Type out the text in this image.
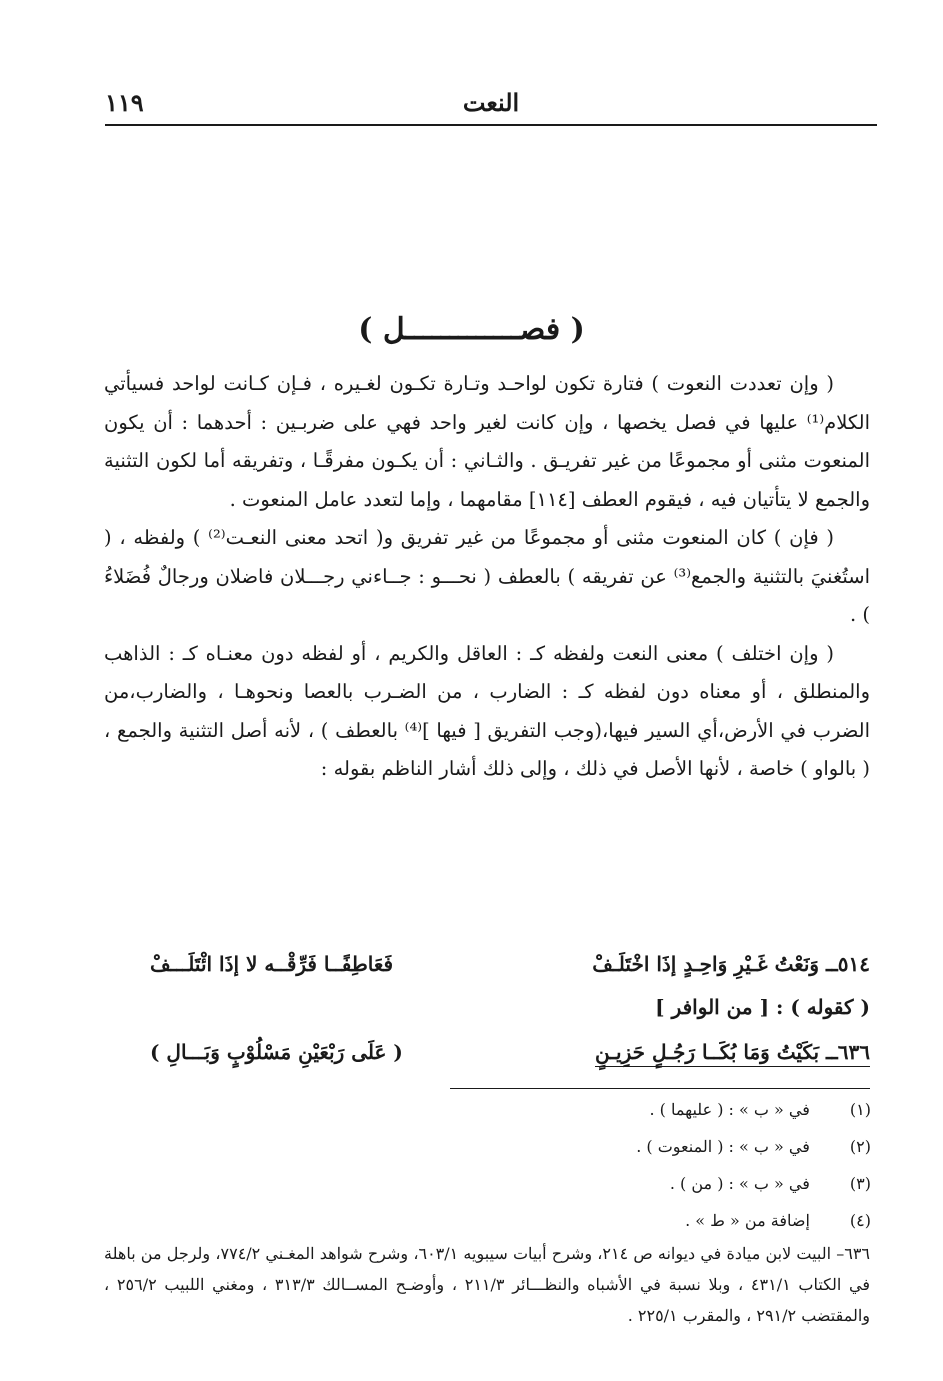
١١٩	النعت
( فصـــــــــــــل )

( وإن تعددت النعوت ) فتارة تكون لواحـد وتـارة تكـون لغـيره ، فـإن كـانت لواحد فسيأتي الكلام⁽¹⁾ عليها في فصل يخصها ، وإن كانت لغير واحد فهي على ضربـين : أحدهما : أن يكون المنعوت مثنى أو مجموعًا من غير تفريـق . والثـاني : أن يكـون مفرقًـا ، وتفريقه أما لكون التثنية والجمع لا يتأتيان فيه ، فيقوم العطف [١١٤] مقامهما ، وإما لتعدد عامل المنعوت .

( فإن ) كان المنعوت مثنى أو مجموعًا من غير تفريق و( اتحد معنى النعـت⁽²⁾ ) ولفظه ، ( استُغنيَ بالتثنية والجمع⁽³⁾ عن تفريقه ) بالعطف ( نحـــو : جــاءني رجـــلان فاضلان ورجالٌ فُضَلاءُ ) .

( وإن اختلف ) معنى النعت ولفظه كـ : العاقل والكريم ، أو لفظه دون معنـاه كـ : الذاهب والمنطلق ، أو معناه دون لفظه كـ : الضارب ، من الضـرب بالعصا ونحوهـا ، والضارب،من الضرب في الأرض،أي السير فيها،(وجب التفريق [ فيها ]⁽⁴⁾ بالعطف ) ، لأنه أصل التثنية والجمع ، ( بالواو ) خاصة ، لأنها الأصل في ذلك ، وإلى ذلك أشار الناظم بقوله :

٥١٤ــ وَنَعْتُ غَـيْرِ وَاحِـدٍ إذَا اخْتَلَـفْ
فَعَاطِفًــا فَرِّقْــه لا إذَا ائْتَلَـــفْ
( كقوله ) : [ من الوافر ]
٦٣٦ــ بَكَيْتُ وَمَا بُكَــا رَجُـلٍ حَزِيـنٍ
( عَلَى رَبْعَيْنِ مَسْلُوْبٍ وَبَـــالِ )
(١) في « ب » : ( عليهما ) .
(٢) في « ب » : ( المنعوت ) .
(٣) في « ب » : ( من ) .
(٤) إضافة من « ط » .

٦٣٦– البيت لابن ميادة في ديوانه ص ٢١٤، وشرح أبيات سيبويه ٦٠٣/١، وشرح شواهد المغـني ٧٧٤/٢، ولرجل من باهلة في الكتاب ٤٣١/١ ، وبلا نسبة في الأشباه والنظـــائر ٢١١/٣ ، وأوضـح المســالك ٣١٣/٣ ، ومغني اللبيب ٢٥٦/٢ ، والمقتضب ٢٩١/٢ ، والمقرب ٢٢٥/١ .
